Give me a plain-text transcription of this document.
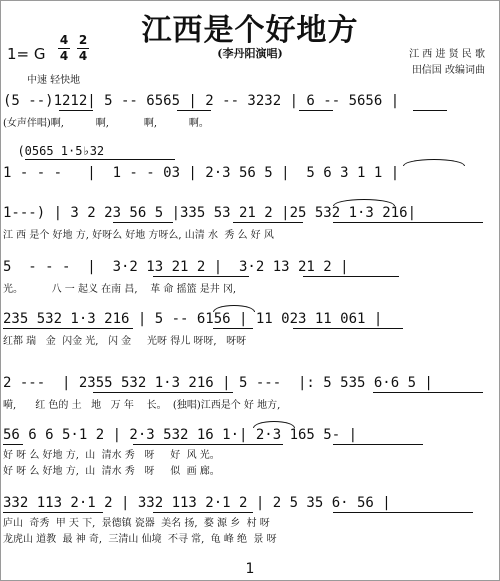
江西是个好地方
(李丹阳演唱)
1= G
4
4
2
4
中速 轻快地
江 西 进 贤 民 歌
田信国 改编词曲
(5 --)1212| 5 -- 6565 | 2 -- 3232 | 6 -- 5656 |
(女声伴唱)啊,          啊,           啊,          啊。
(0565 1·5♭32
1 - - -   |  1 - - 03 | 2·3 56 5 |  5 6 3 1 1 |
1---) | 3 2 23 56 5 |335 53 21 2 |25 532 1·3 216|
江 西 是个 好地 方, 好呀么 好地 方呀么, 山清 水  秀 么 好 风
5  - - -  |  3·2 13 21 2 |  3·2 13 21 2 |
光。         八 一 起义 在南 昌,    革 命 摇篮 是井 冈,
235 532 1·3 216 | 5 -- 6156 | 11 023 11 061 |
红都 瑞   金  闪金 光,   闪 金     光呀 得儿 呀呀,   呀呀
2 ---  | 2355 532 1·3 216 | 5 ---  |: 5 535 6·6 5 |
嗬,      红 色的 土   地   万 年    长。  (独唱)江西是个 好 地方,
56 6 6 5·1 2 | 2·3 532 16 1·| 2·3 165 5- |
好 呀 么 好地 方,  山  清水 秀   呀     好  风 光。
好 呀 么 好地 方,  山  清水 秀   呀     似  画 廊。
332 113 2·1 2 | 332 113 2·1 2 | 2 5 35 6· 56 |
庐山  奇秀  甲 天 下,  景德镇 瓷器  美名 扬,  婺 源 乡  村 呀
龙虎山 道教  最 神 奇,  三清山 仙境  不寻 常,  龟 峰 绝  景 呀
1
